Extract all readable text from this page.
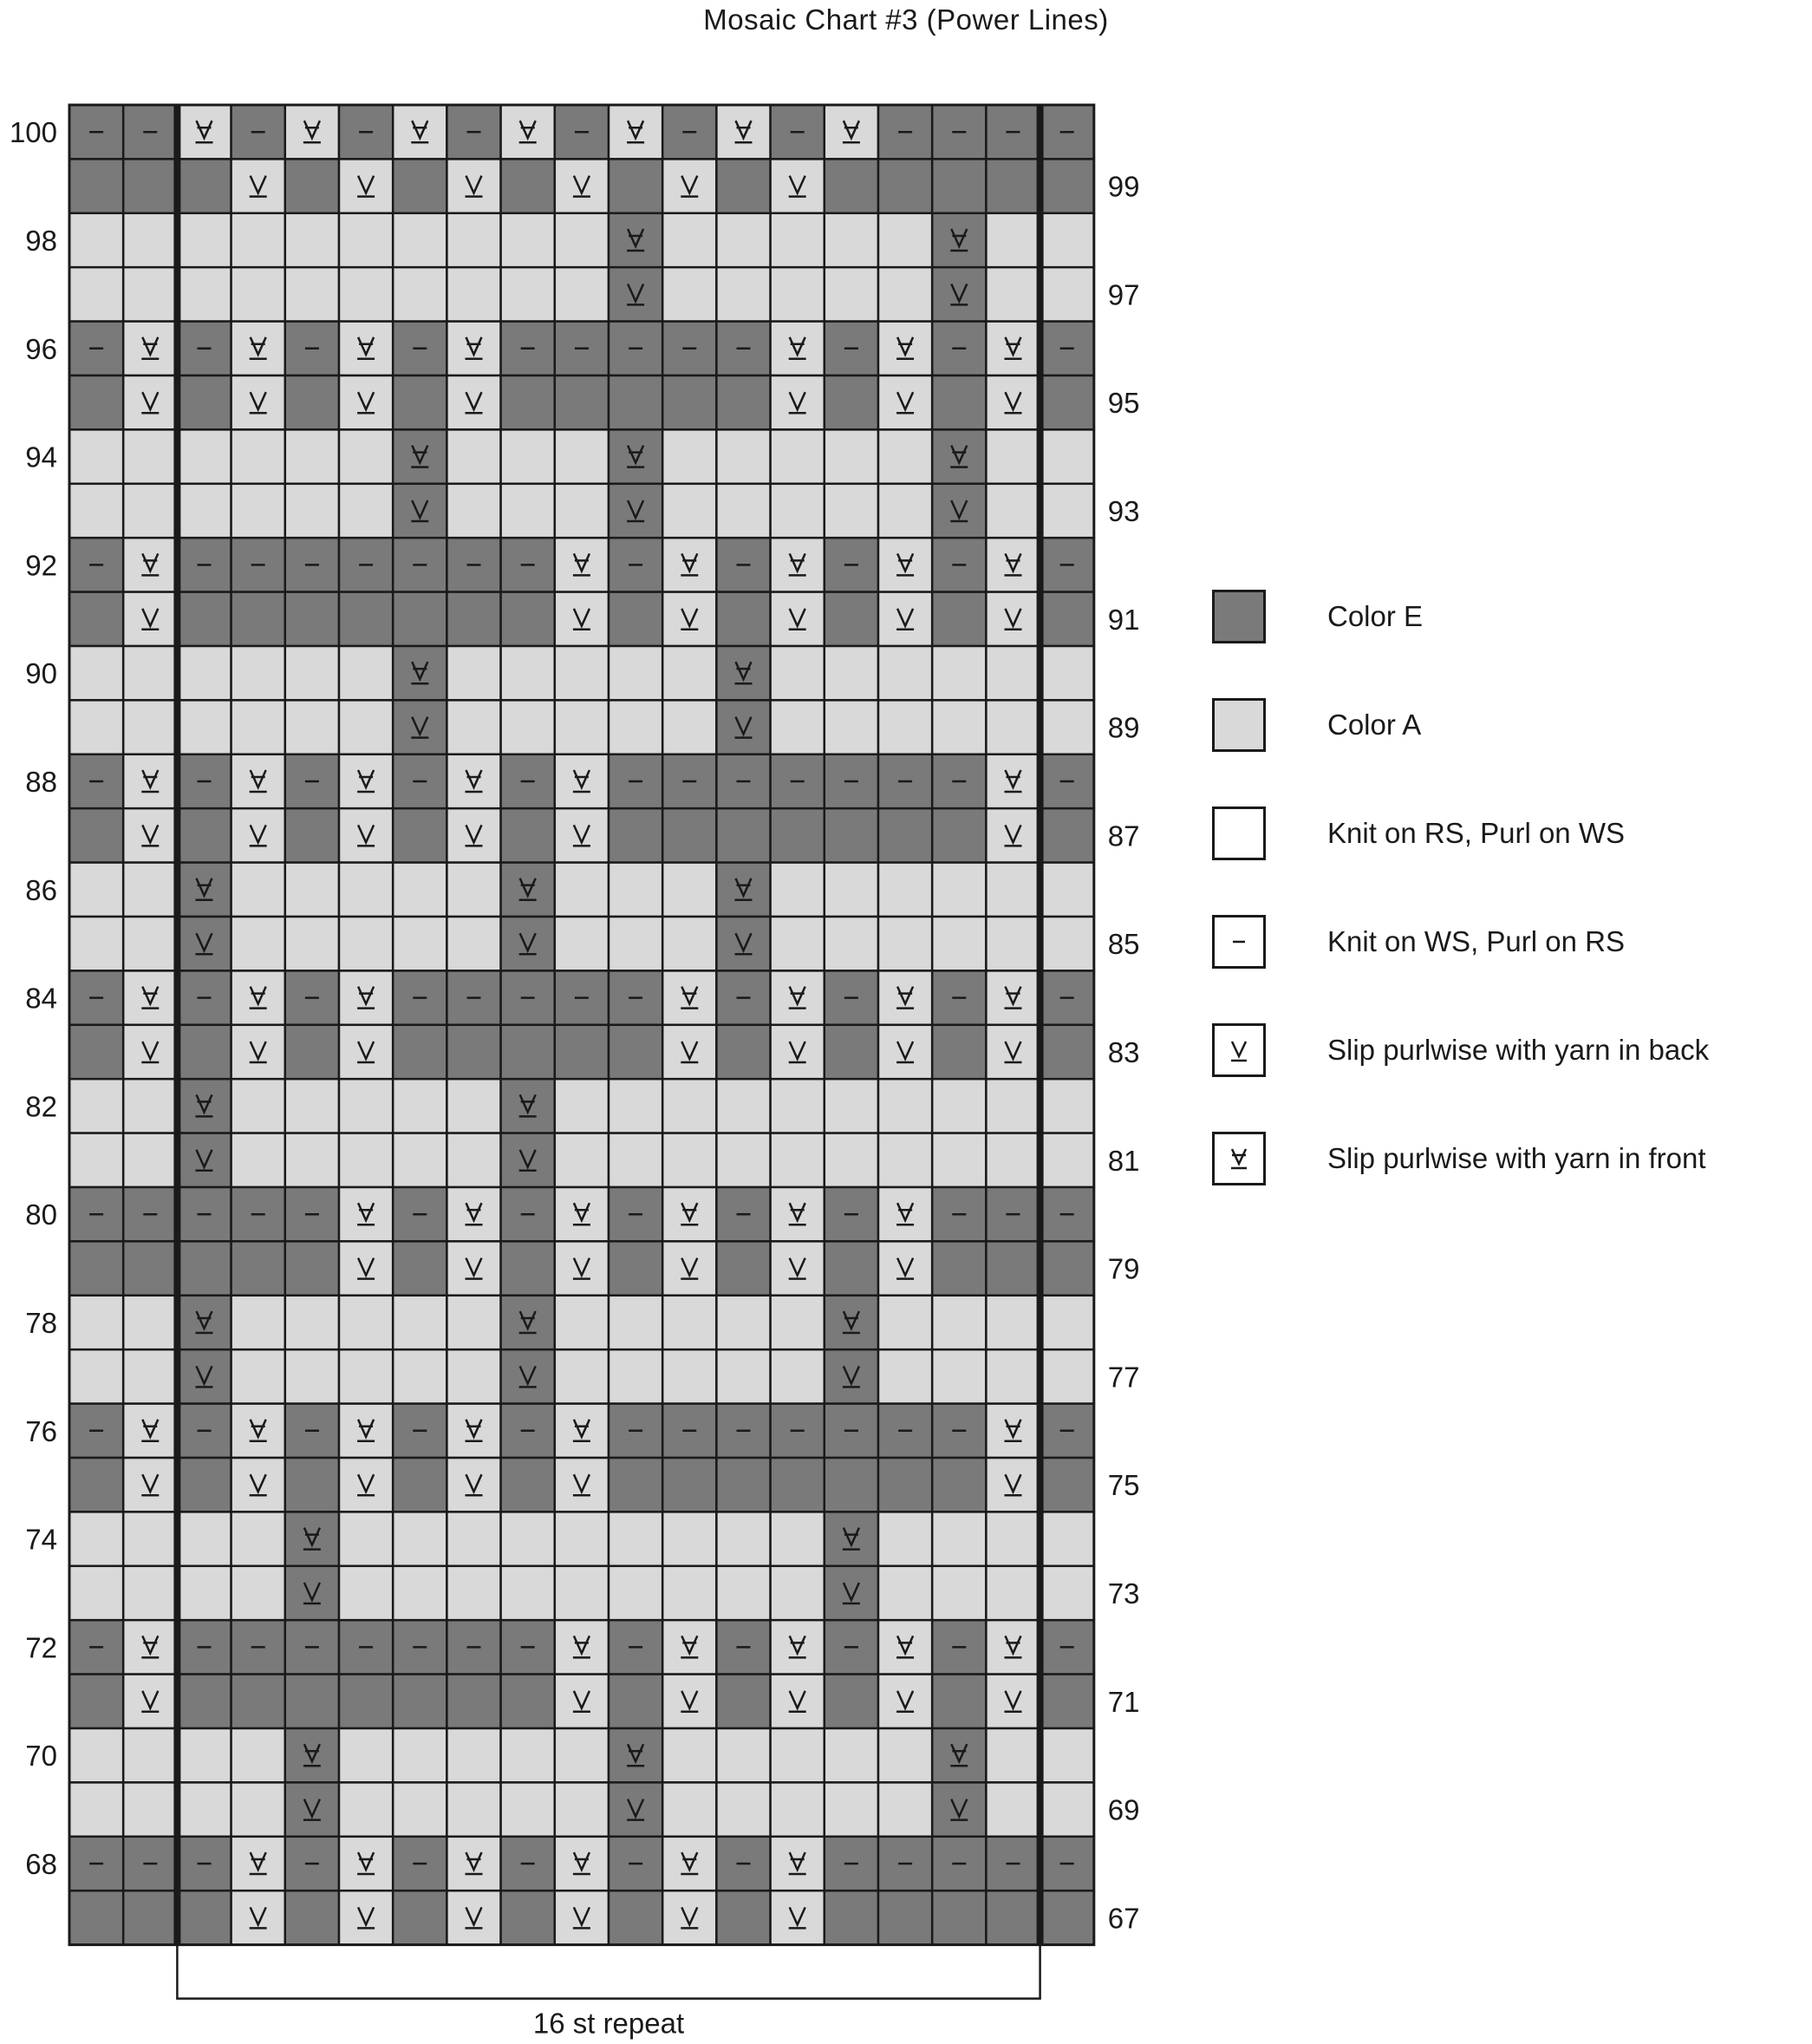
Mosaic Chart #3 (Power Lines)
100
99
98
97
96
95
94
93
92
91
90
89
88
87
86
85
84
83
82
81
80
79
78
77
76
75
74
73
72
71
70
69
68
67
16 st repeat
Color E
Color A
Knit on RS, Purl on WS
Knit on WS, Purl on RS
Slip purlwise with yarn in back
Slip purlwise with yarn in front
